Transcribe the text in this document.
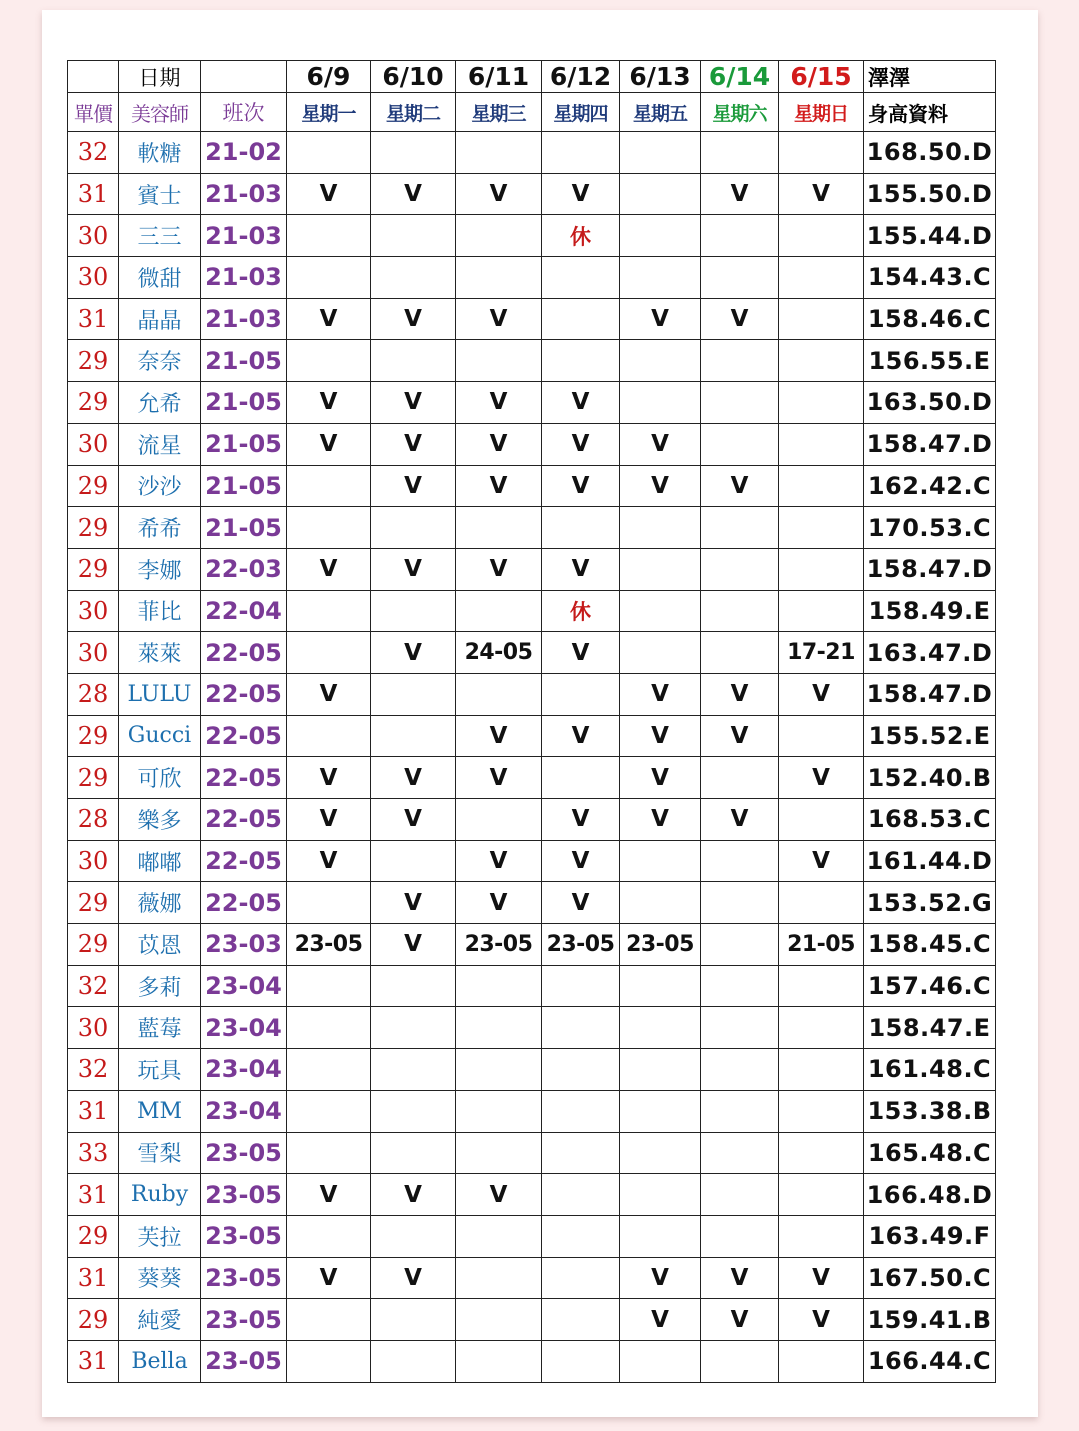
	日期		6/9	6/10	6/11	6/12	6/13	6/14	6/15	澤澤
單價	美容師	班次	星期一	星期二	星期三	星期四	星期五	星期六	星期日	身高資料
32	軟糖	21-02								168.50.D
31	賓士	21-03	V	V	V	V		V	V	155.50.D
30	三三	21-03				休				155.44.D
30	微甜	21-03								154.43.C
31	晶晶	21-03	V	V	V		V	V		158.46.C
29	奈奈	21-05								156.55.E
29	允希	21-05	V	V	V	V				163.50.D
30	流星	21-05	V	V	V	V	V			158.47.D
29	沙沙	21-05		V	V	V	V	V		162.42.C
29	希希	21-05								170.53.C
29	李娜	22-03	V	V	V	V				158.47.D
30	菲比	22-04				休				158.49.E
30	萊萊	22-05		V	24-05	V			17-21	163.47.D
28	LULU	22-05	V				V	V	V	158.47.D
29	Gucci	22-05			V	V	V	V		155.52.E
29	可欣	22-05	V	V	V		V		V	152.40.B
28	樂多	22-05	V	V		V	V	V		168.53.C
30	嘟嘟	22-05	V		V	V			V	161.44.D
29	薇娜	22-05		V	V	V				153.52.G
29	苡恩	23-03	23-05	V	23-05	23-05	23-05		21-05	158.45.C
32	多莉	23-04								157.46.C
30	藍莓	23-04								158.47.E
32	玩具	23-04								161.48.C
31	MM	23-04								153.38.B
33	雪梨	23-05								165.48.C
31	Ruby	23-05	V	V	V					166.48.D
29	芙拉	23-05								163.49.F
31	葵葵	23-05	V	V			V	V	V	167.50.C
29	純愛	23-05					V	V	V	159.41.B
31	Bella	23-05								166.44.C
